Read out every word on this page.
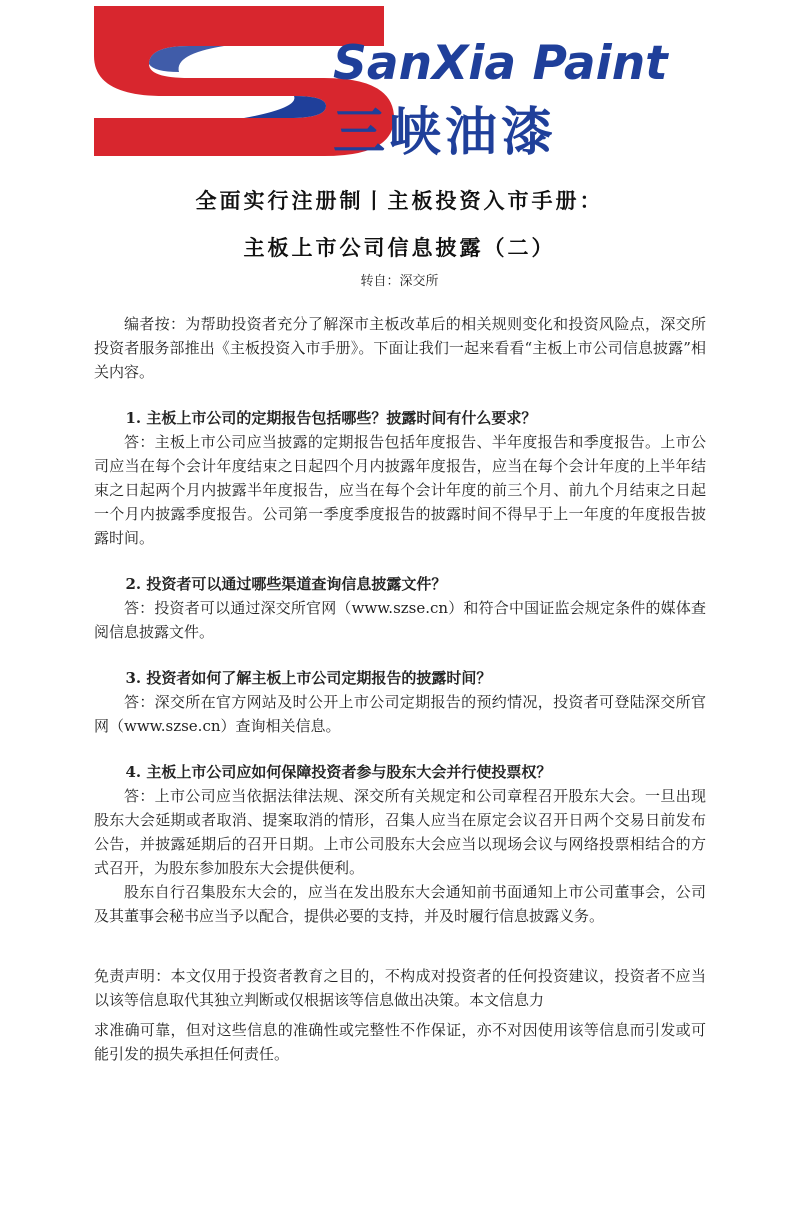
SanXia Paint
三峡油漆
全面实行注册制丨主板投资入市手册：
主板上市公司信息披露（二）
转自：深交所

编者按：为帮助投资者充分了解深市主板改革后的相关规则变化和投资风险点，深交所投资者服务部推出《主板投资入市手册》。下面让我们一起来看看“主板上市公司信息披露”相关内容。

1. 主板上市公司的定期报告包括哪些？披露时间有什么要求？

答：主板上市公司应当披露的定期报告包括年度报告、半年度报告和季度报告。上市公司应当在每个会计年度结束之日起四个月内披露年度报告，应当在每个会计年度的上半年结束之日起两个月内披露半年度报告，应当在每个会计年度的前三个月、前九个月结束之日起一个月内披露季度报告。公司第一季度季度报告的披露时间不得早于上一年度的年度报告披露时间。

2. 投资者可以通过哪些渠道查询信息披露文件？

答：投资者可以通过深交所官网（www.szse.cn）和符合中国证监会规定条件的媒体查阅信息披露文件。

3. 投资者如何了解主板上市公司定期报告的披露时间？

答：深交所在官方网站及时公开上市公司定期报告的预约情况，投资者可登陆深交所官网（www.szse.cn）查询相关信息。

4. 主板上市公司应如何保障投资者参与股东大会并行使投票权？

答：上市公司应当依据法律法规、深交所有关规定和公司章程召开股东大会。一旦出现股东大会延期或者取消、提案取消的情形，召集人应当在原定会议召开日两个交易日前发布公告，并披露延期后的召开日期。上市公司股东大会应当以现场会议与网络投票相结合的方式召开，为股东参加股东大会提供便利。

股东自行召集股东大会的，应当在发出股东大会通知前书面通知上市公司董事会，公司及其董事会秘书应当予以配合，提供必要的支持，并及时履行信息披露义务。

免责声明：本文仅用于投资者教育之目的，不构成对投资者的任何投资建议，投资者不应当以该等信息取代其独立判断或仅根据该等信息做出决策。本文信息力

求准确可靠，但对这些信息的准确性或完整性不作保证，亦不对因使用该等信息而引发或可能引发的损失承担任何责任。
